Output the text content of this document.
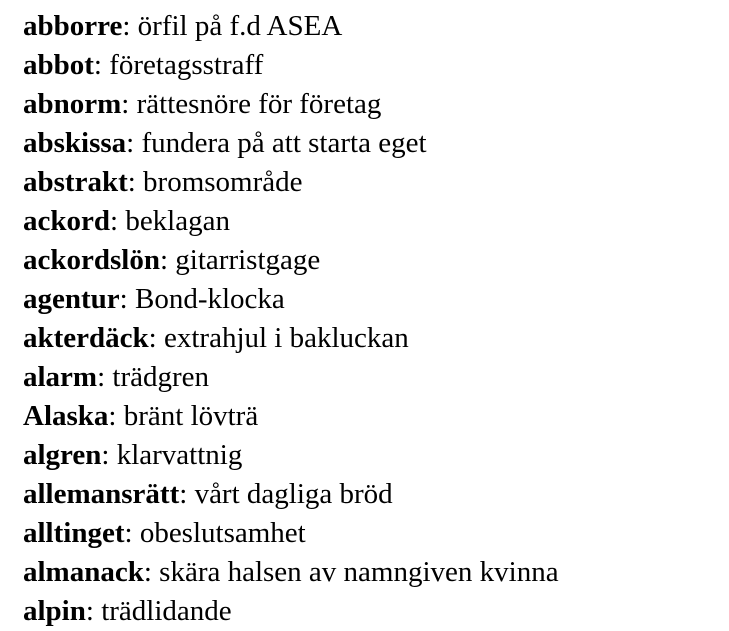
abborre: örfil på f.d ASEA

abbot: företagsstraff

abnorm: rättesnöre för företag

abskissa: fundera på att starta eget

abstrakt: bromsområde

ackord: beklagan

ackordslön: gitarristgage

agentur: Bond-klocka

akterdäck: extrahjul i bakluckan

alarm: trädgren

Alaska: bränt lövträ

algren: klarvattnig

allemansrätt: vårt dagliga bröd

alltinget: obeslutsamhet

almanack: skära halsen av namngiven kvinna

alpin: trädlidande
